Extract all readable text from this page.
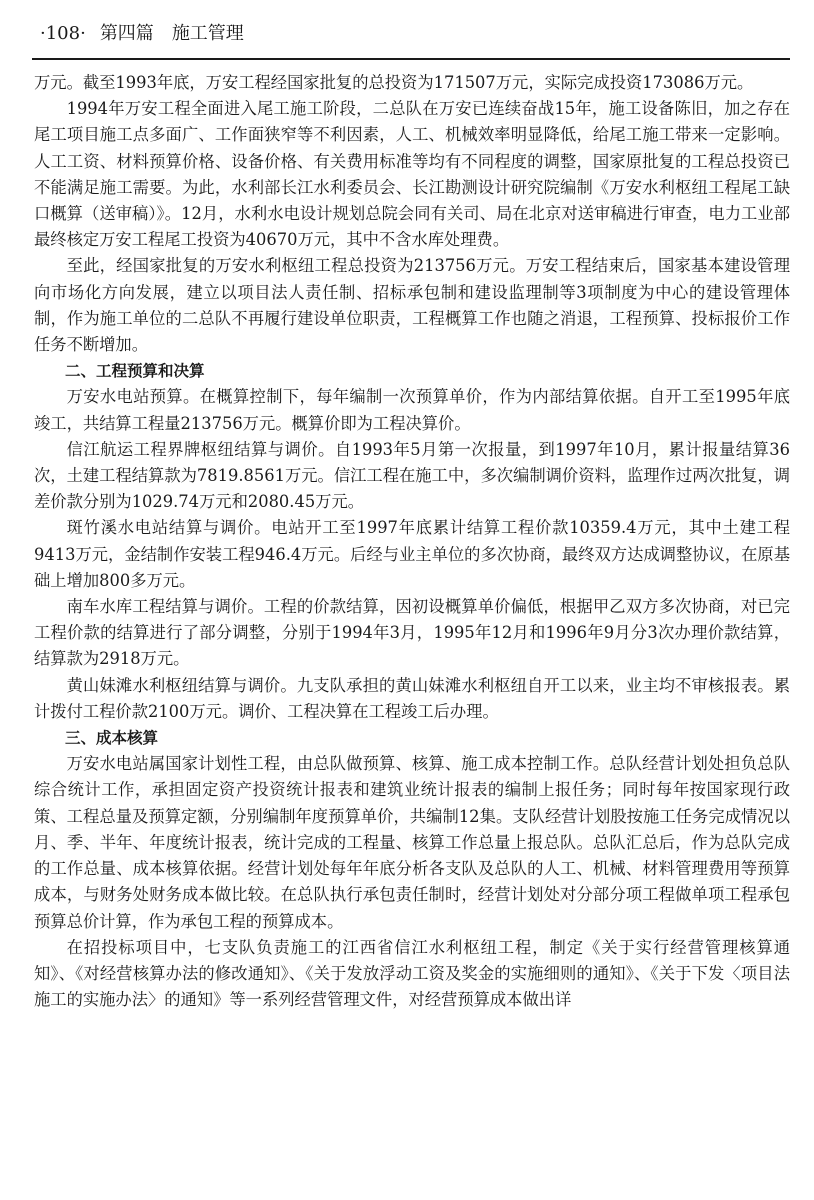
·108· 第四篇 施工管理

万元。截至1993年底，万安工程经国家批复的总投资为171507万元，实际完成投资173086万元。

1994年万安工程全面进入尾工施工阶段，二总队在万安已连续奋战15年，施工设备陈旧，加之存在尾工项目施工点多面广、工作面狭窄等不利因素，人工、机械效率明显降低，给尾工施工带来一定影响。人工工资、材料预算价格、设备价格、有关费用标准等均有不同程度的调整，国家原批复的工程总投资已不能满足施工需要。为此，水利部长江水利委员会、长江勘测设计研究院编制《万安水利枢纽工程尾工缺口概算（送审稿）》。12月，水利水电设计规划总院会同有关司、局在北京对送审稿进行审查，电力工业部最终核定万安工程尾工投资为40670万元，其中不含水库处理费。

至此，经国家批复的万安水利枢纽工程总投资为213756万元。万安工程结束后，国家基本建设管理向市场化方向发展，建立以项目法人责任制、招标承包制和建设监理制等3项制度为中心的建设管理体制，作为施工单位的二总队不再履行建设单位职责，工程概算工作也随之消退，工程预算、投标报价工作任务不断增加。

二、工程预算和决算

万安水电站预算。在概算控制下，每年编制一次预算单价，作为内部结算依据。自开工至1995年底竣工，共结算工程量213756万元。概算价即为工程决算价。

信江航运工程界牌枢纽结算与调价。自1993年5月第一次报量，到1997年10月，累计报量结算36次，土建工程结算款为7819.8561万元。信江工程在施工中，多次编制调价资料，监理作过两次批复，调差价款分别为1029.74万元和2080.45万元。

斑竹溪水电站结算与调价。电站开工至1997年底累计结算工程价款10359.4万元，其中土建工程9413万元，金结制作安装工程946.4万元。后经与业主单位的多次协商，最终双方达成调整协议，在原基础上增加800多万元。

南车水库工程结算与调价。工程的价款结算，因初设概算单价偏低，根据甲乙双方多次协商，对已完工程价款的结算进行了部分调整，分别于1994年3月，1995年12月和1996年9月分3次办理价款结算，结算款为2918万元。

黄山妹滩水利枢纽结算与调价。九支队承担的黄山妹滩水利枢纽自开工以来，业主均不审核报表。累计拨付工程价款2100万元。调价、工程决算在工程竣工后办理。

三、成本核算

万安水电站属国家计划性工程，由总队做预算、核算、施工成本控制工作。总队经营计划处担负总队综合统计工作，承担固定资产投资统计报表和建筑业统计报表的编制上报任务；同时每年按国家现行政策、工程总量及预算定额，分别编制年度预算单价，共编制12集。支队经营计划股按施工任务完成情况以月、季、半年、年度统计报表，统计完成的工程量、核算工作总量上报总队。总队汇总后，作为总队完成的工作总量、成本核算依据。经营计划处每年年底分析各支队及总队的人工、机械、材料管理费用等预算成本，与财务处财务成本做比较。在总队执行承包责任制时，经营计划处对分部分项工程做单项工程承包预算总价计算，作为承包工程的预算成本。

在招投标项目中，七支队负责施工的江西省信江水利枢纽工程，制定《关于实行经营管理核算通知》、《对经营核算办法的修改通知》、《关于发放浮动工资及奖金的实施细则的通知》、《关于下发〈项目法施工的实施办法〉的通知》等一系列经营管理文件，对经营预算成本做出详
